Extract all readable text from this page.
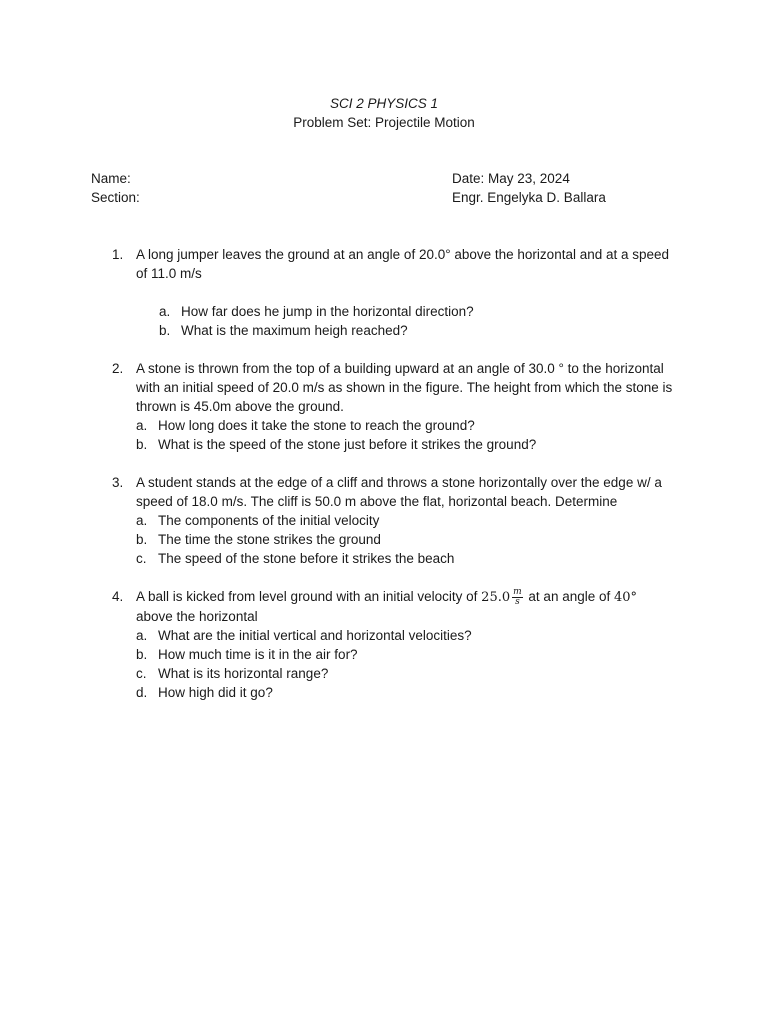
SCI 2 PHYSICS 1
Problem Set: Projectile Motion
Name:	Date: May 23, 2024
Section:	Engr. Engelyka D. Ballara
1. A long jumper leaves the ground at an angle of 20.0° above the horizontal and at a speed of 11.0 m/s
a. How far does he jump in the horizontal direction?
b. What is the maximum heigh reached?
2. A stone is thrown from the top of a building upward at an angle of 30.0 ° to the horizontal with an initial speed of 20.0 m/s as shown in the figure. The height from which the stone is thrown is 45.0m above the ground.
a. How long does it take the stone to reach the ground?
b. What is the speed of the stone just before it strikes the ground?
3. A student stands at the edge of a cliff and throws a stone horizontally over the edge w/ a speed of 18.0 m/s. The cliff is 50.0 m above the flat, horizontal beach. Determine
a. The components of the initial velocity
b. The time the stone strikes the ground
c. The speed of the stone before it strikes the beach
4. A ball is kicked from level ground with an initial velocity of $25.0 \frac{m}{s}$ at an angle of 40°
above the horizontal
a. What are the initial vertical and horizontal velocities?
b. How much time is it in the air for?
c. What is its horizontal range?
d. How high did it go?
